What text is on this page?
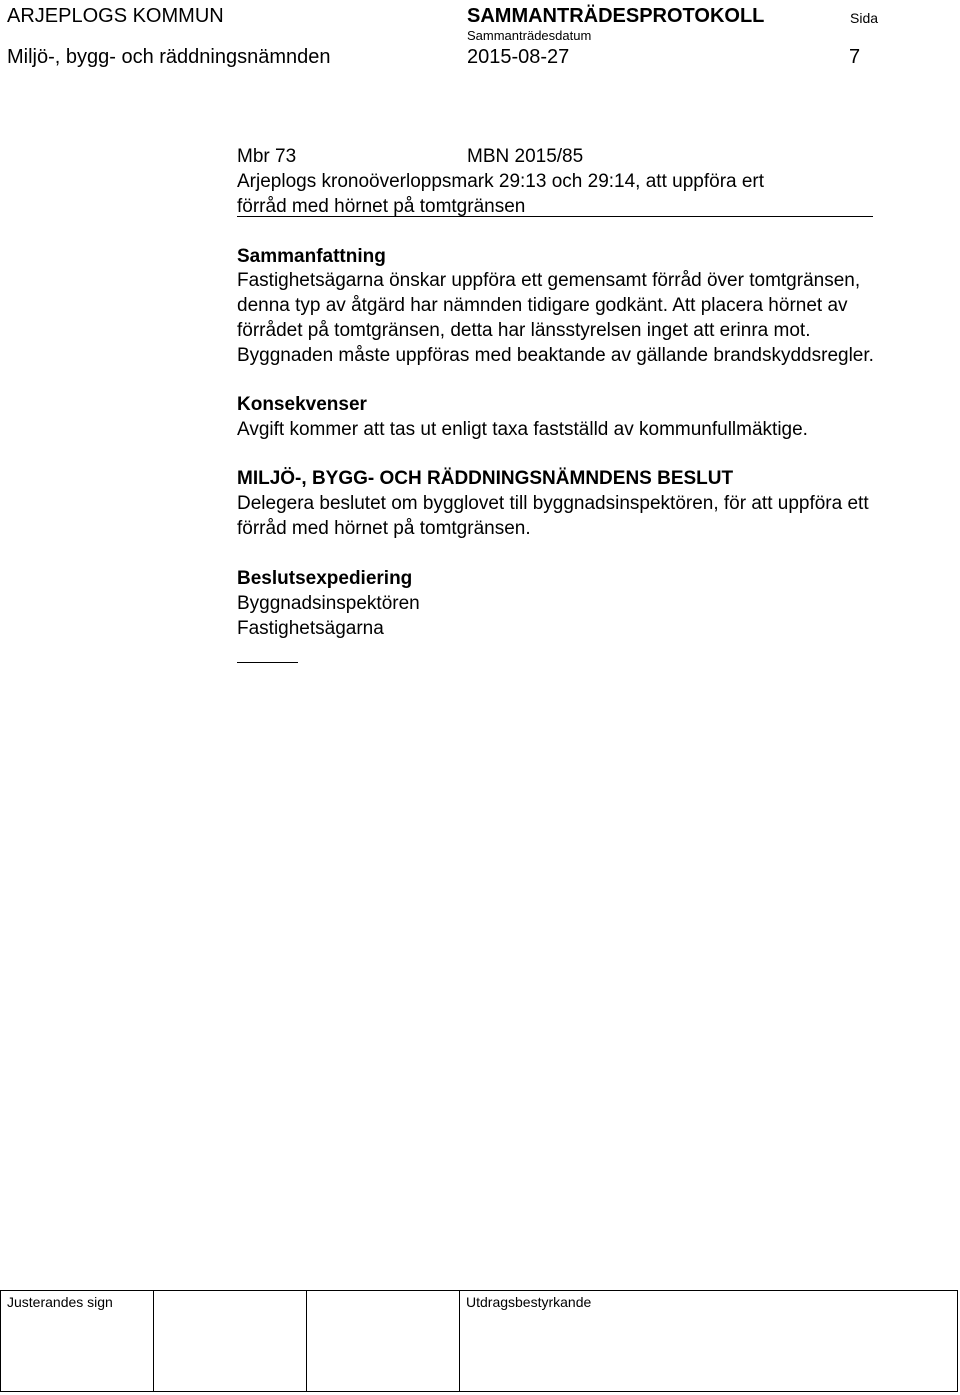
ARJEPLOGS KOMMUN	SAMMANTRÄDESPROTOKOLL	Sida
Sammanträdesdatum
Miljö-, bygg- och räddningsnämnden	2015-08-27	7
Mbr 73	MBN 2015/85
Arjeplogs kronoöverloppsmark 29:13 och 29:14, att uppföra ert
förråd med hörnet på tomtgränsen
Sammanfattning
Fastighetsägarna önskar uppföra ett gemensamt förråd över tomtgränsen,
denna typ av åtgärd har nämnden tidigare godkänt. Att placera hörnet av
förrådet på tomtgränsen, detta har länsstyrelsen inget att erinra mot.
Byggnaden måste uppföras med beaktande av gällande brandskyddsregler.
Konsekvenser
Avgift kommer att tas ut enligt taxa fastställd av kommunfullmäktige.
MILJÖ-, BYGG- OCH RÄDDNINGSNÄMNDENS BESLUT
Delegera beslutet om bygglovet till byggnadsinspektören, för att uppföra ett
förråd med hörnet på tomtgränsen.
Beslutsexpediering
Byggnadsinspektören
Fastighetsägarna
Justerandes sign			Utdragsbestyrkande
